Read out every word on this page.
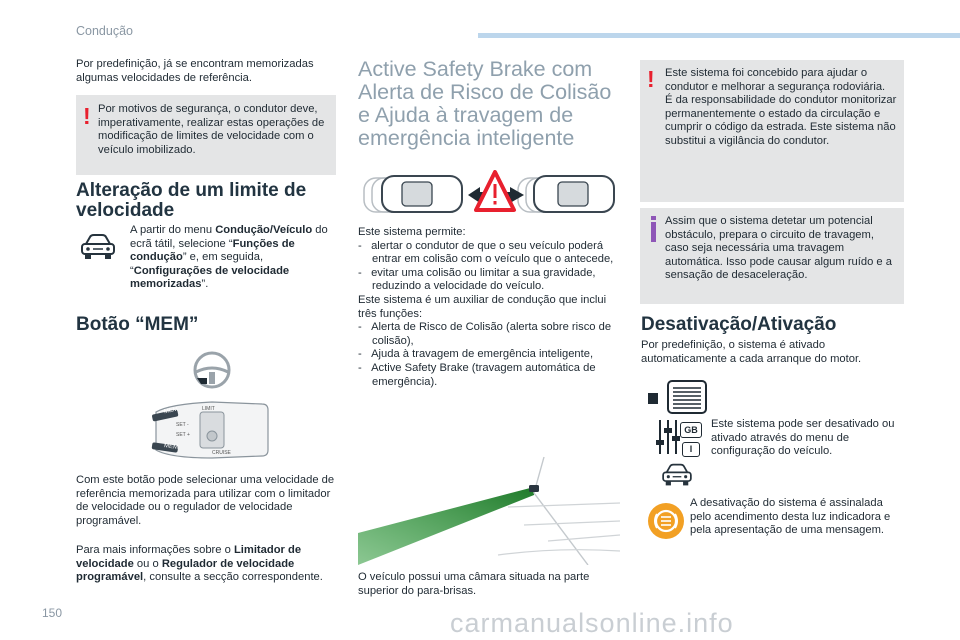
Condução
Por predefinição, já se encontram memorizadas algumas velocidades de referência.
! Por motivos de segurança, o condutor deve, imperativamente, realizar estas operações de modificação de limites de velocidade com o veículo imobilizado.
Alteração de um limite de velocidade
A partir do menu Condução/Veículo do ecrã tátil, selecione “Funções de condução” e, em seguida, “Configurações de velocidade memorizadas”.
Botão “MEM”
MEM
SET -
SET +
MEM
LIMIT
CRUISE
Com este botão pode selecionar uma velocidade de referência memorizada para utilizar com o limitador de velocidade ou o regulador de velocidade programável.
Para mais informações sobre o Limitador de velocidade ou o Regulador de velocidade programável, consulte a secção correspondente.
Active Safety Brake com Alerta de Risco de Colisão e Ajuda à travagem de emergência inteligente
Este sistema permite:
-   alertar o condutor de que o seu veículo poderá entrar em colisão com o veículo que o antecede,
-   evitar uma colisão ou limitar a sua gravidade, reduzindo a velocidade do veículo.
Este sistema é um auxiliar de condução que inclui três funções:
-   Alerta de Risco de Colisão (alerta sobre risco de colisão),
-   Ajuda à travagem de emergência inteligente,
-   Active Safety Brake (travagem automática de emergência).
O veículo possui uma câmara situada na parte superior do para-brisas.
! Este sistema foi concebido para ajudar o condutor e melhorar a segurança rodoviária.
É da responsabilidade do condutor monitorizar permanentemente o estado da circulação e cumprir o código da estrada. Este sistema não substitui a vigilância do condutor.
Assim que o sistema detetar um potencial obstáculo, prepara o circuito de travagem, caso seja necessária uma travagem automática. Isso pode causar algum ruído e a sensação de desaceleração.
Desativação/Ativação
Por predefinição, o sistema é ativado automaticamente a cada arranque do motor.
GB
I
Este sistema pode ser desativado ou ativado através do menu de configuração do veículo.
A desativação do sistema é assinalada pelo acendimento desta luz indicadora e pela apresentação de uma mensagem.
150	carmanualsonline.info
